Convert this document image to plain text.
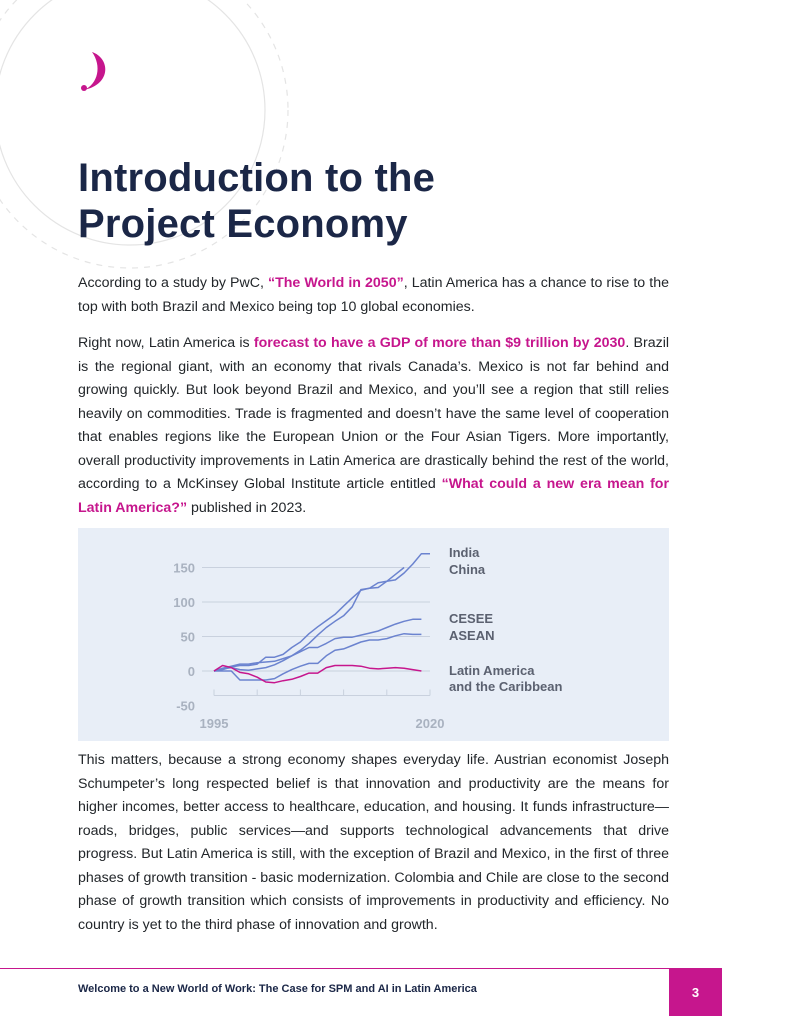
Introduction to the
Project Economy

According to a study by PwC, “The World in 2050”, Latin America has a chance to rise to the top with both Brazil and Mexico being top 10 global economies.

Right now, Latin America is forecast to have a GDP of more than $9 trillion by 2030. Brazil is the regional giant, with an economy that rivals Canada’s. Mexico is not far behind and growing quickly. But look beyond Brazil and Mexico, and you’ll see a region that still relies heavily on commodities. Trade is fragmented and doesn’t have the same level of cooperation that enables regions like the European Union or the Four Asian Tigers. More importantly, overall productivity improvements in Latin America are drastically behind the rest of the world, according to a McKinsey Global Institute article entitled “What could a new era mean for Latin America?” published in 2023.

150
100
50
0
-50
1995	2020
India
China
CESEE
ASEAN
Latin America
and the Caribbean

This matters, because a strong economy shapes everyday life. Austrian economist Joseph Schumpeter’s long respected belief is that innovation and productivity are the means for higher incomes, better access to healthcare, education, and housing. It funds infrastructure—roads, bridges, public services—and supports technological advancements that drive progress. But Latin America is still, with the exception of Brazil and Mexico, in the first of three phases of growth transition - basic modernization. Colombia and Chile are close to the second phase of growth transition which consists of improvements in productivity and efficiency. No country is yet to the third phase of innovation and growth.

Welcome to a New World of Work: The Case for SPM and AI in Latin America	3
